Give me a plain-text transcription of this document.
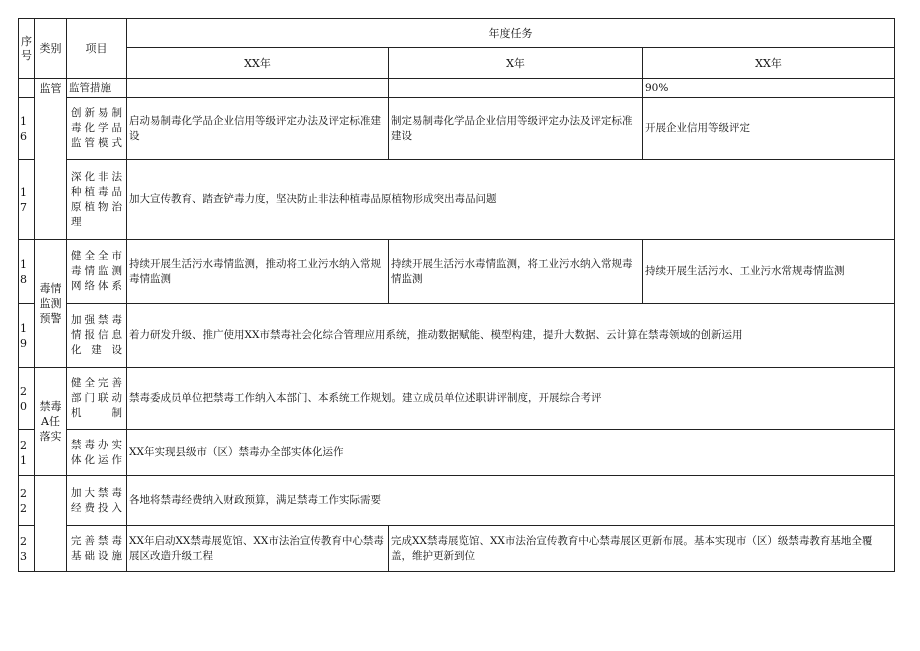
序号	类别	项目	年度任务		
			XX年	X年	XX年
	监管	监管措施			90%
16		创新易制毒化学品监管模式	启动易制毒化学品企业信用等级评定办法及评定标准建设	制定易制毒化学品企业信用等级评定办法及评定标准建设	开展企业信用等级评定
17		深化非法种植毒品原植物治理	加大宣传教育、踏查铲毒力度，坚决防止非法种植毒品原植物形成突出毒品问题		
18	毒情监测预警	健全全市毒情监测网络体系	持续开展生活污水毒情监测，推动将工业污水纳入常规毒情监测	持续开展生活污水毒情监测，将工业污水纳入常规毒情监测	持续开展生活污水、工业污水常规毒情监测
19		加强禁毒情报信息化建设	着力研发升级、推广使用XX市禁毒社会化综合管理应用系统，推动数据赋能、模型构建，提升大数据、云计算在禁毒领域的创新运用		
20	禁毒A任落实	健全完善部门联动机制	禁毒委成员单位把禁毒工作纳入本部门、本系统工作规划。建立成员单位述职讲评制度，开展综合考评		
21		禁毒办实体化运作	XX年实现县级市（区）禁毒办全部实体化运作		
22		加大禁毒经费投入	各地将禁毒经费纳入财政预算，满足禁毒工作实际需要		
23		完善禁毒基础设施	XX年启动XX禁毒展览馆、XX市法治宣传教育中心禁毒展区改造升级工程	完成XX禁毒展览馆、XX市法治宣传教育中心禁毒展区更新布展。基本实现市（区）级禁毒教育基地全覆盖，维护更新到位	
